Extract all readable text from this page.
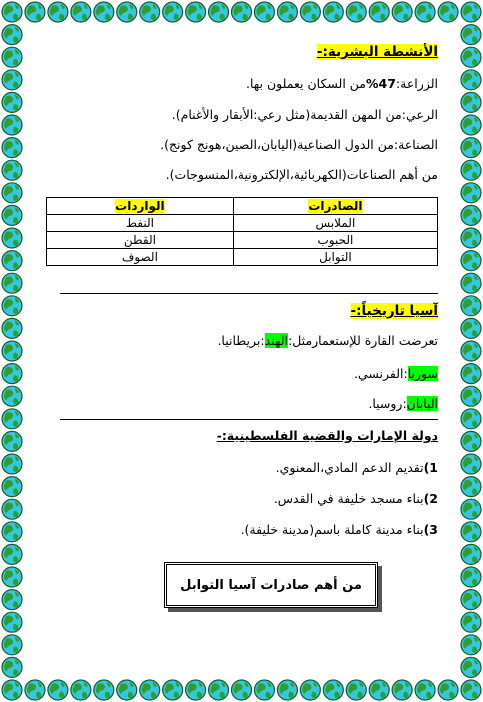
الأنشطة البشرية:-
الزراعة:47%من السكان يعملون بها.
الرعي:من المهن القديمة(مثل رعي:الأبقار والأغنام).
الصناعة:من الدول الصناعية(اليابان،الصين،هونج كونج).
من أهم الصناعات(الكهربائية،الإلكترونية،المنسوجات).
الصادرات	الواردات
الملابس	النفط
الحبوب	القطن
التوابل	الصوف
آسيا تاريخياً:-
تعرضت القارة للإستعمارمثل:الهند:بريطانيا.
سوريا:الفرنسي.
اليابان:روسيا.
دولة الإمارات والقضية الفلسطينية:-
1)تقديم الدعم المادي،المعنوي.
2)بناء مسجد خليفة في القدس.
3)بناء مدينة كاملة باسم(مدينة خليفة).
من أهم صادرات آسيا التوابل
